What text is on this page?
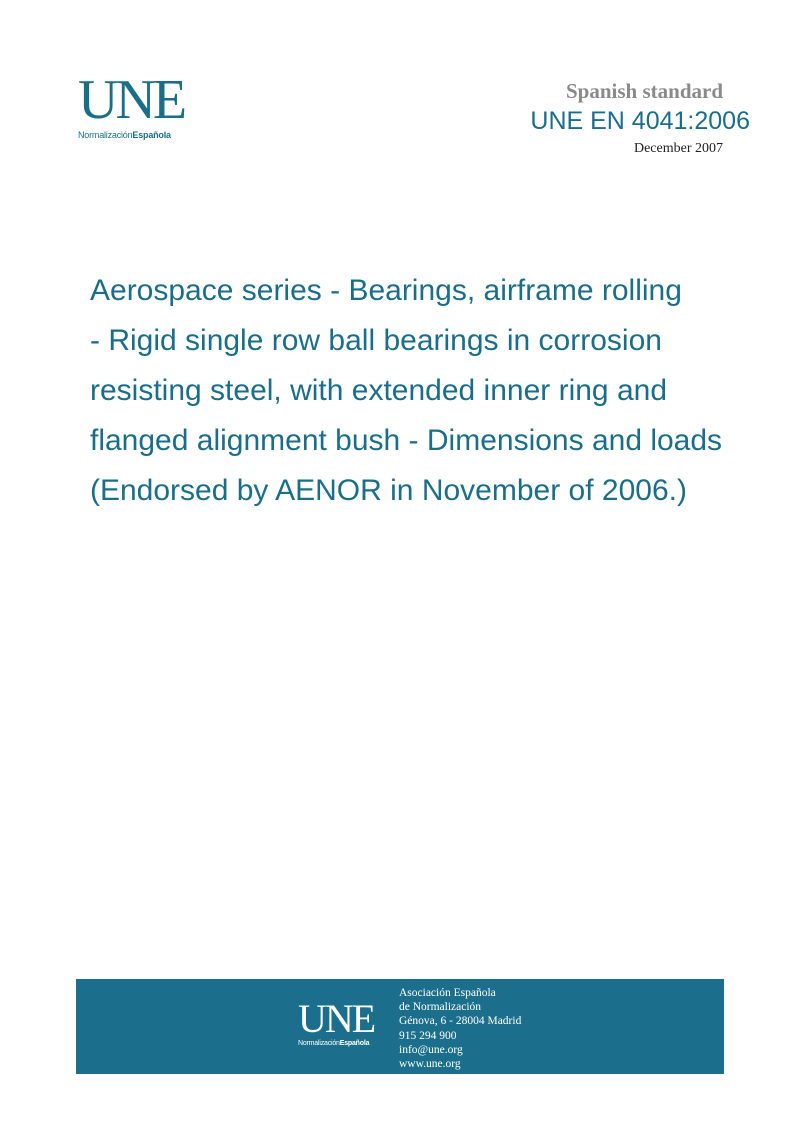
UNE
NormalizaciónEspañola
Spanish standard
UNE EN 4041:2006
December 2007
Aerospace series - Bearings, airframe rolling
- Rigid single row ball bearings in corrosion
resisting steel, with extended inner ring and
flanged alignment bush - Dimensions and loads
(Endorsed by AENOR in November of 2006.)
UNE
NormalizaciónEspañola
Asociación Española
de Normalización
Génova, 6 - 28004 Madrid
915 294 900
info@une.org
www.une.org
